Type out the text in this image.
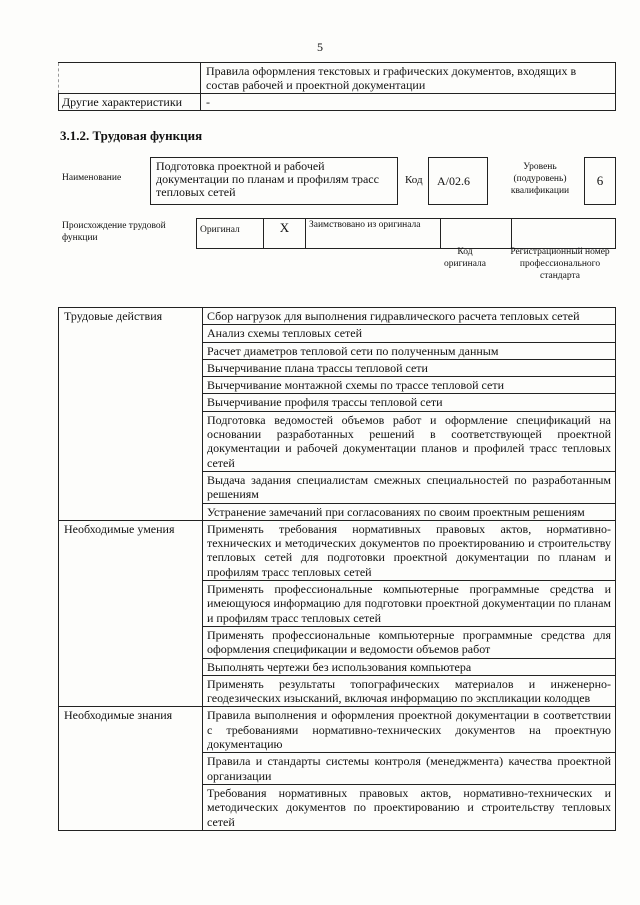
5
	Правила оформления текстовых и графических документов, входящих в состав рабочей и проектной документации
Другие характеристики	-
3.1.2. Трудовая функция
Наименование
Подготовка проектной и рабочей документации по планам и профилям трасс тепловых сетей
Код	A/02.6
Уровень (подуровень) квалификации
6
Происхождение трудовой функции
Оригинал	X	Заимствовано из оригинала		
Код оригинала
Регистрационный номер профессионального стандарта
Трудовые действия	Сбор нагрузок для выполнения гидравлического расчета тепловых сетей
	Анализ схемы тепловых сетей
	Расчет диаметров тепловой сети по полученным данным
	Вычерчивание плана трассы тепловой сети
	Вычерчивание монтажной схемы по трассе тепловой сети
	Вычерчивание профиля трассы тепловой сети
	Подготовка ведомостей объемов работ и оформление спецификаций на основании разработанных решений в соответствующей проектной документации и рабочей документации планов и профилей трасс тепловых сетей
	Выдача задания специалистам смежных специальностей по разработанным решениям
	Устранение замечаний при согласованиях по своим проектным решениям
Необходимые умения	Применять требования нормативных правовых актов, нормативно-технических и методических документов по проектированию и строительству тепловых сетей для подготовки проектной документации по планам и профилям трасс тепловых сетей
	Применять профессиональные компьютерные программные средства и имеющуюся информацию для подготовки проектной документации по планам и профилям трасс тепловых сетей
	Применять профессиональные компьютерные программные средства для оформления спецификации и ведомости объемов работ
	Выполнять чертежи без использования компьютера
	Применять результаты топографических материалов и инженерно-геодезических изысканий, включая информацию по экспликации колодцев
Необходимые знания	Правила выполнения и оформления проектной документации в соответствии с требованиями нормативно-технических документов на проектную документацию
	Правила и стандарты системы контроля (менеджмента) качества проектной организации
	Требования нормативных правовых актов, нормативно-технических и методических документов по проектированию и строительству тепловых сетей
